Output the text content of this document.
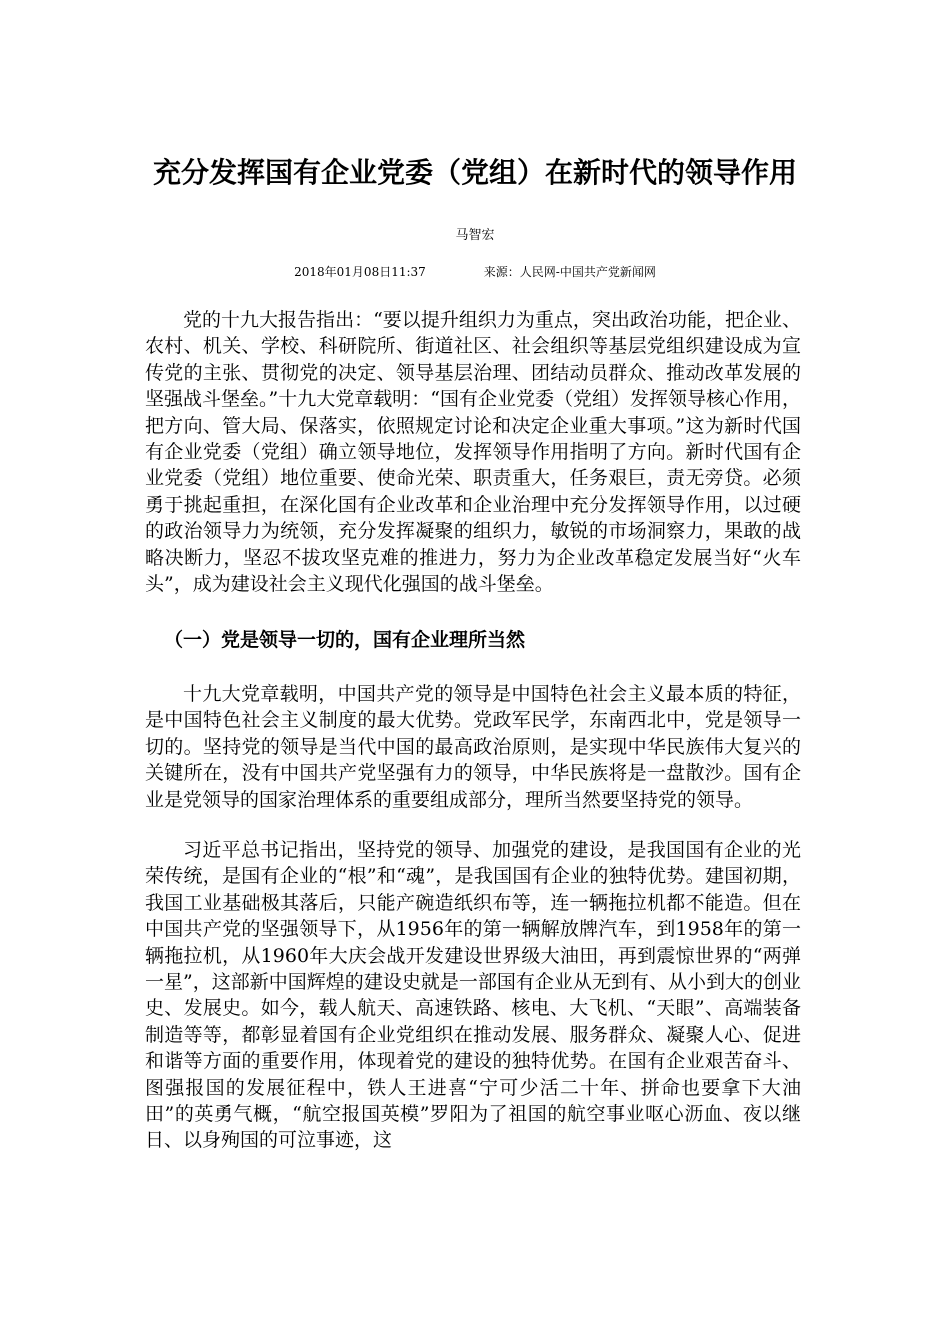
充分发挥国有企业党委（党组）在新时代的领导作用
马智宏
2018年01月08日11:37	来源：人民网-中国共产党新闻网

党的十九大报告指出：“要以提升组织力为重点，突出政治功能，把企业、农村、机关、学校、科研院所、街道社区、社会组织等基层党组织建设成为宣传党的主张、贯彻党的决定、领导基层治理、团结动员群众、推动改革发展的坚强战斗堡垒。”十九大党章载明：“国有企业党委（党组）发挥领导核心作用，把方向、管大局、保落实，依照规定讨论和决定企业重大事项。”这为新时代国有企业党委（党组）确立领导地位，发挥领导作用指明了方向。新时代国有企业党委（党组）地位重要、使命光荣、职责重大，任务艰巨，责无旁贷。必须勇于挑起重担，在深化国有企业改革和企业治理中充分发挥领导作用，以过硬的政治领导力为统领，充分发挥凝聚的组织力，敏锐的市场洞察力，果敢的战略决断力，坚忍不拔攻坚克难的推进力，努力为企业改革稳定发展当好“火车头”，成为建设社会主义现代化强国的战斗堡垒。

（一）党是领导一切的，国有企业理所当然

十九大党章载明，中国共产党的领导是中国特色社会主义最本质的特征，是中国特色社会主义制度的最大优势。党政军民学，东南西北中，党是领导一切的。坚持党的领导是当代中国的最高政治原则，是实现中华民族伟大复兴的关键所在，没有中国共产党坚强有力的领导，中华民族将是一盘散沙。国有企业是党领导的国家治理体系的重要组成部分，理所当然要坚持党的领导。

习近平总书记指出，坚持党的领导、加强党的建设，是我国国有企业的光荣传统，是国有企业的“根”和“魂”，是我国国有企业的独特优势。建国初期，我国工业基础极其落后，只能产碗造纸织布等，连一辆拖拉机都不能造。但在中国共产党的坚强领导下，从1956年的第一辆解放牌汽车，到1958年的第一辆拖拉机，从1960年大庆会战开发建设世界级大油田，再到震惊世界的“两弹一星”，这部新中国辉煌的建设史就是一部国有企业从无到有、从小到大的创业史、发展史。如今，载人航天、高速铁路、核电、大飞机、“天眼”、高端装备制造等等，都彰显着国有企业党组织在推动发展、服务群众、凝聚人心、促进和谐等方面的重要作用，体现着党的建设的独特优势。在国有企业艰苦奋斗、图强报国的发展征程中，铁人王进喜“宁可少活二十年、拼命也要拿下大油田”的英勇气概，“航空报国英模”罗阳为了祖国的航空事业呕心沥血、夜以继日、以身殉国的可泣事迹，这
